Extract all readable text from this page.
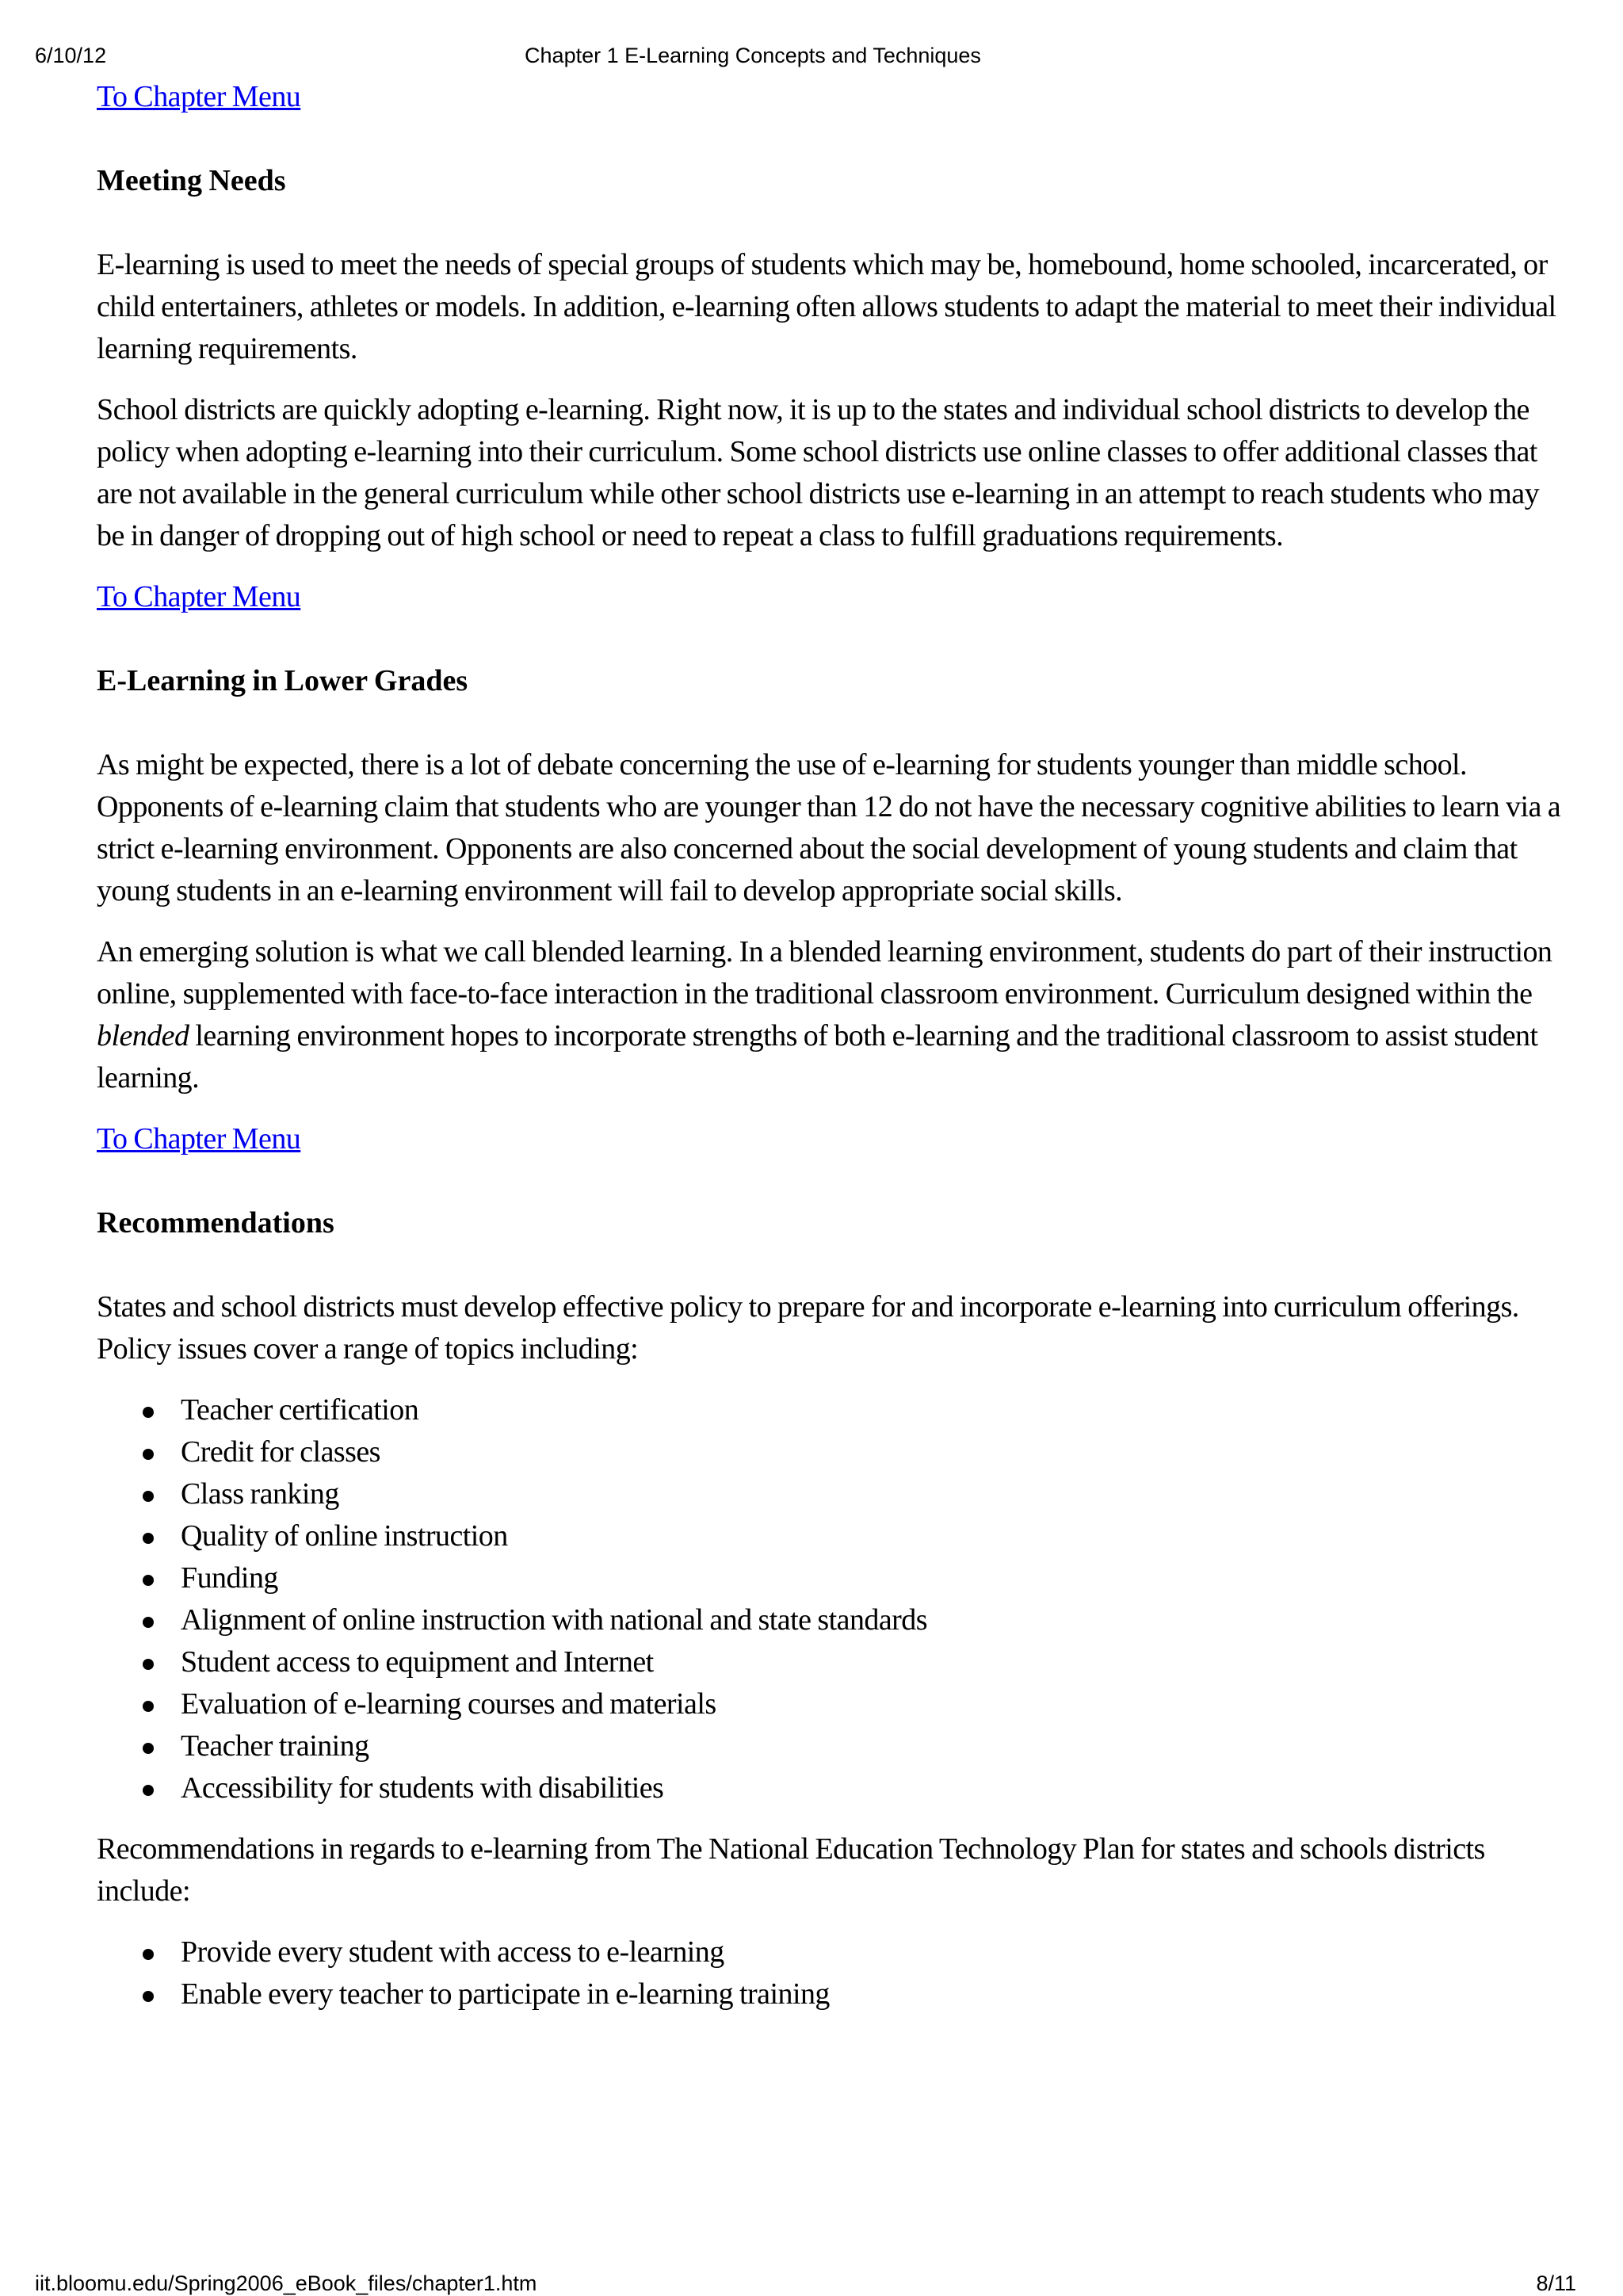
6/10/12	Chapter 1 E-Learning Concepts and Techniques
To Chapter Menu
Meeting Needs

E-learning is used to meet the needs of special groups of students which may be, homebound, home schooled, incarcerated, or child entertainers, athletes or models. In addition, e-learning often allows students to adapt the material to meet their individual learning requirements.

School districts are quickly adopting e-learning. Right now, it is up to the states and individual school districts to develop the policy when adopting e-learning into their curriculum. Some school districts use online classes to offer additional classes that are not available in the general curriculum while other school districts use e-learning in an attempt to reach students who may be in danger of dropping out of high school or need to repeat a class to fulfill graduations requirements.

To Chapter Menu
E-Learning in Lower Grades

As might be expected, there is a lot of debate concerning the use of e-learning for students younger than middle school. Opponents of e-learning claim that students who are younger than 12 do not have the necessary cognitive abilities to learn via a strict e-learning environment. Opponents are also concerned about the social development of young students and claim that young students in an e-learning environment will fail to develop appropriate social skills.

An emerging solution is what we call blended learning. In a blended learning environment, students do part of their instruction online, supplemented with face-to-face interaction in the traditional classroom environment. Curriculum designed within the blended learning environment hopes to incorporate strengths of both e-learning and the traditional classroom to assist student learning.

To Chapter Menu
Recommendations

States and school districts must develop effective policy to prepare for and incorporate e-learning into curriculum offerings. Policy issues cover a range of topics including:

Teacher certification
Credit for classes
Class ranking
Quality of online instruction
Funding
Alignment of online instruction with national and state standards
Student access to equipment and Internet
Evaluation of e-learning courses and materials
Teacher training
Accessibility for students with disabilities

Recommendations in regards to e-learning from The National Education Technology Plan for states and schools districts include:

Provide every student with access to e-learning
Enable every teacher to participate in e-learning training
iit.bloomu.edu/Spring2006_eBook_files/chapter1.htm	8/11
